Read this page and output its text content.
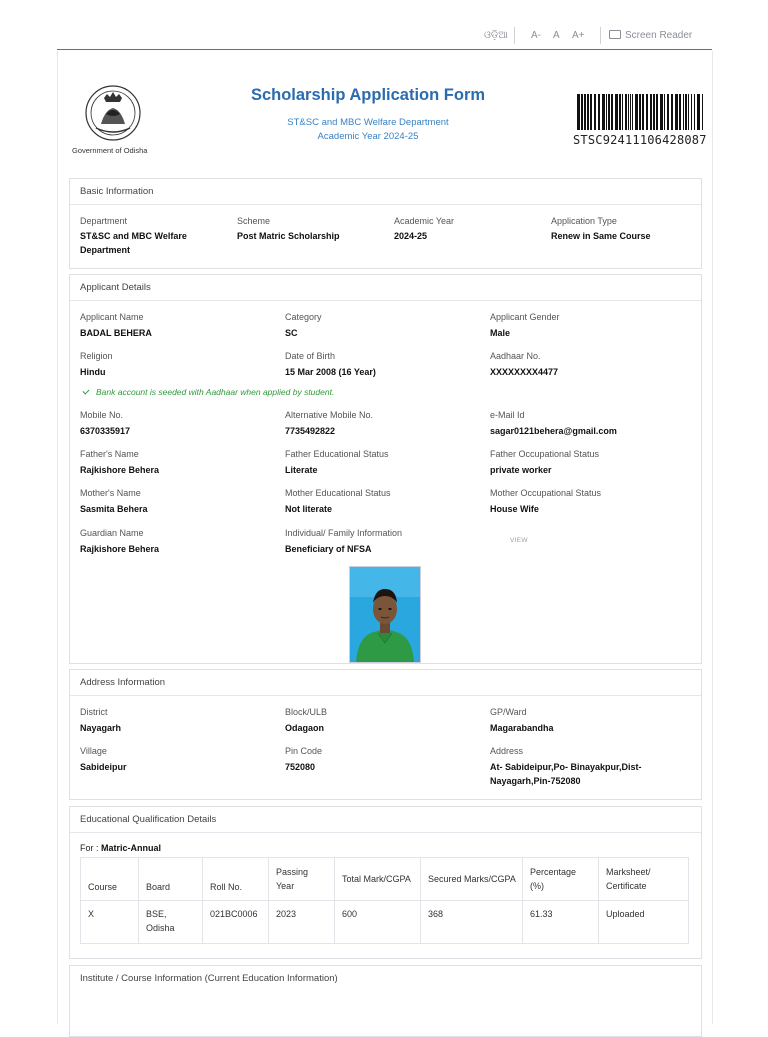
ଓଡ଼ିଆ A- A A+	Screen Reader
Government of Odisha
Scholarship Application Form
ST&SC and MBC Welfare Department
Academic Year 2024-25	STSC92411106428087
Basic Information
Department
ST&SC and MBC Welfare Department
Scheme
Post Matric Scholarship
Academic Year
2024-25
Application Type
Renew in Same Course
Applicant Details
Applicant Name
BADAL BEHERA
Category
SC
Applicant Gender
Male
Religion
Hindu
Date of Birth
15 Mar 2008 (16 Year)
Aadhaar No.
XXXXXXXX4477
Bank account is seeded with Aadhaar when applied by student.
Mobile No.
6370335917
Alternative Mobile No.
7735492822
e-Mail Id
sagar0121behera@gmail.com
Father's Name
Rajkishore Behera
Father Educational Status
Literate
Father Occupational Status
private worker
Mother's Name
Sasmita Behera
Mother Educational Status
Not literate
Mother Occupational Status
House Wife
Guardian Name
Rajkishore Behera
Individual/ Family Information
Beneficiary of NFSA
VIEW
Address Information
District
Nayagarh
Block/ULB
Odagaon
GP/Ward
Magarabandha
Village
Sabideipur
Pin Code
752080
Address
At- Sabideipur,Po- Binayakpur,Dist-Nayagarh,Pin-752080
Educational Qualification Details
For : Matric-Annual
Course	Board	Roll No.	Passing Year	Total Mark/CGPA	Secured Marks/CGPA	Percentage (%)	Marksheet/ Certificate
X	BSE, Odisha	021BC0006	2023	600	368	61.33	Uploaded
Institute / Course Information (Current Education Information)
